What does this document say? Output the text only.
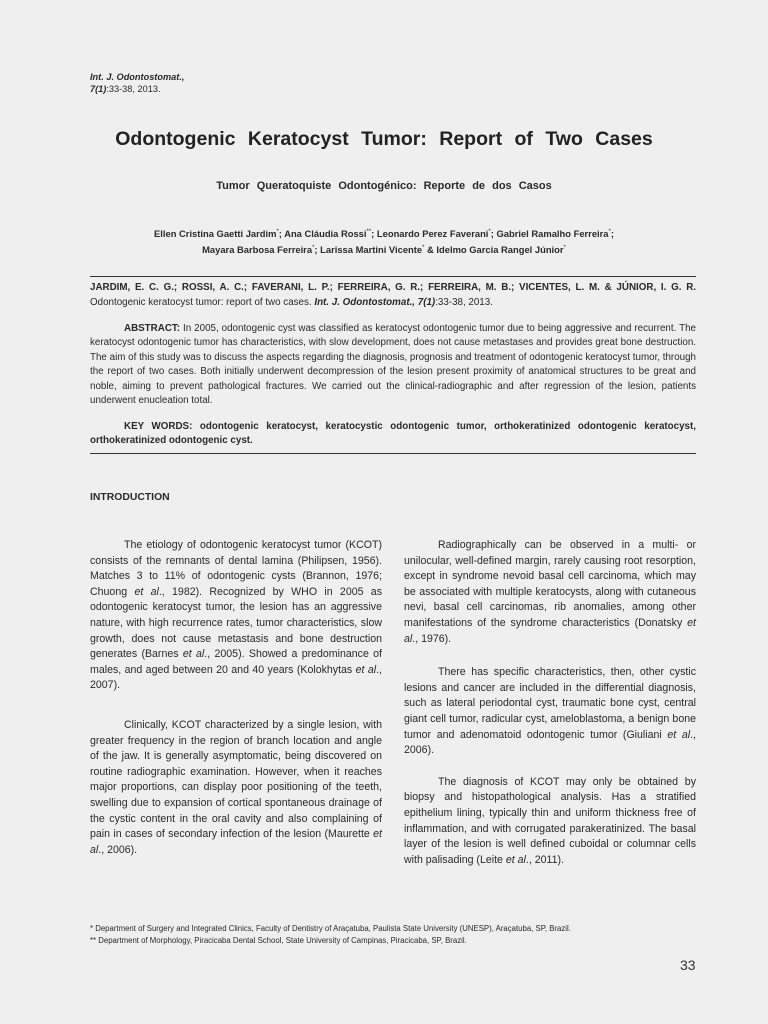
Int. J. Odontostomat.,
7(1):33-38, 2013.
Odontogenic Keratocyst Tumor: Report of Two Cases
Tumor Queratoquiste Odontogénico: Reporte de dos Casos
Ellen Cristina Gaetti Jardim*; Ana Cláudia Rossi**; Leonardo Perez Faverani*; Gabriel Ramalho Ferreira*;
Mayara Barbosa Ferreira*; Larissa Martini Vicente* & Idelmo Garcia Rangel Júnior*
JARDIM, E. C. G.; ROSSI, A. C.; FAVERANI, L. P.; FERREIRA, G. R.; FERREIRA, M. B.; VICENTES, L. M. & JÚNIOR, I. G. R. Odontogenic keratocyst tumor: report of two cases. Int. J. Odontostomat., 7(1):33-38, 2013.
ABSTRACT: In 2005, odontogenic cyst was classified as keratocyst odontogenic tumor due to being aggressive and recurrent. The keratocyst odontogenic tumor has characteristics, with slow development, does not cause metastases and provides great bone destruction. The aim of this study was to discuss the aspects regarding the diagnosis, prognosis and treatment of odontogenic keratocyst tumor, through the report of two cases. Both initially underwent decompression of the lesion present proximity of anatomical structures to be great and noble, aiming to prevent pathological fractures. We carried out the clinical-radiographic and after regression of the lesion, patients underwent enucleation total.
KEY WORDS: odontogenic keratocyst, keratocystic odontogenic tumor, orthokeratinized odontogenic keratocyst, orthokeratinized odontogenic cyst.
INTRODUCTION

The etiology of odontogenic keratocyst tumor (KCOT) consists of the remnants of dental lamina (Philipsen, 1956). Matches 3 to 11% of odontogenic cysts (Brannon, 1976; Chuong et al., 1982). Recognized by WHO in 2005 as odontogenic keratocyst tumor, the lesion has an aggressive nature, with high recurrence rates, tumor characteristics, slow growth, does not cause metastasis and bone destruction generates (Barnes et al., 2005). Showed a predominance of males, and aged between 20 and 40 years (Kolokhytas et al., 2007).

Clinically, KCOT characterized by a single lesion, with greater frequency in the region of branch location and angle of the jaw. It is generally asymptomatic, being discovered on routine radiographic examination. However, when it reaches major proportions, can display poor positioning of the teeth, swelling due to expansion of cortical spontaneous drainage of the cystic content in the oral cavity and also complaining of pain in cases of secondary infection of the lesion (Maurette et al., 2006).

Radiographically can be observed in a multi- or unilocular, well-defined margin, rarely causing root resorption, except in syndrome nevoid basal cell carcinoma, which may be associated with multiple keratocysts, along with cutaneous nevi, basal cell carcinomas, rib anomalies, among other manifestations of the syndrome characteristics (Donatsky et al., 1976).

There has specific characteristics, then, other cystic lesions and cancer are included in the differential diagnosis, such as lateral periodontal cyst, traumatic bone cyst, central giant cell tumor, radicular cyst, ameloblastoma, a benign bone tumor and adenomatoid odontogenic tumor (Giuliani et al., 2006).

The diagnosis of KCOT may only be obtained by biopsy and histopathological analysis. Has a stratified epithelium lining, typically thin and uniform thickness free of inflammation, and with corrugated parakeratinized. The basal layer of the lesion is well defined cuboidal or columnar cells with palisading (Leite et al., 2011).

* Department of Surgery and Integrated Clinics, Faculty of Dentistry of Araçatuba, Paulista State University (UNESP), Araçatuba, SP, Brazil.
** Department of Morphology, Piracicaba Dental School, State University of Campinas, Piracicaba, SP, Brazil.
33
